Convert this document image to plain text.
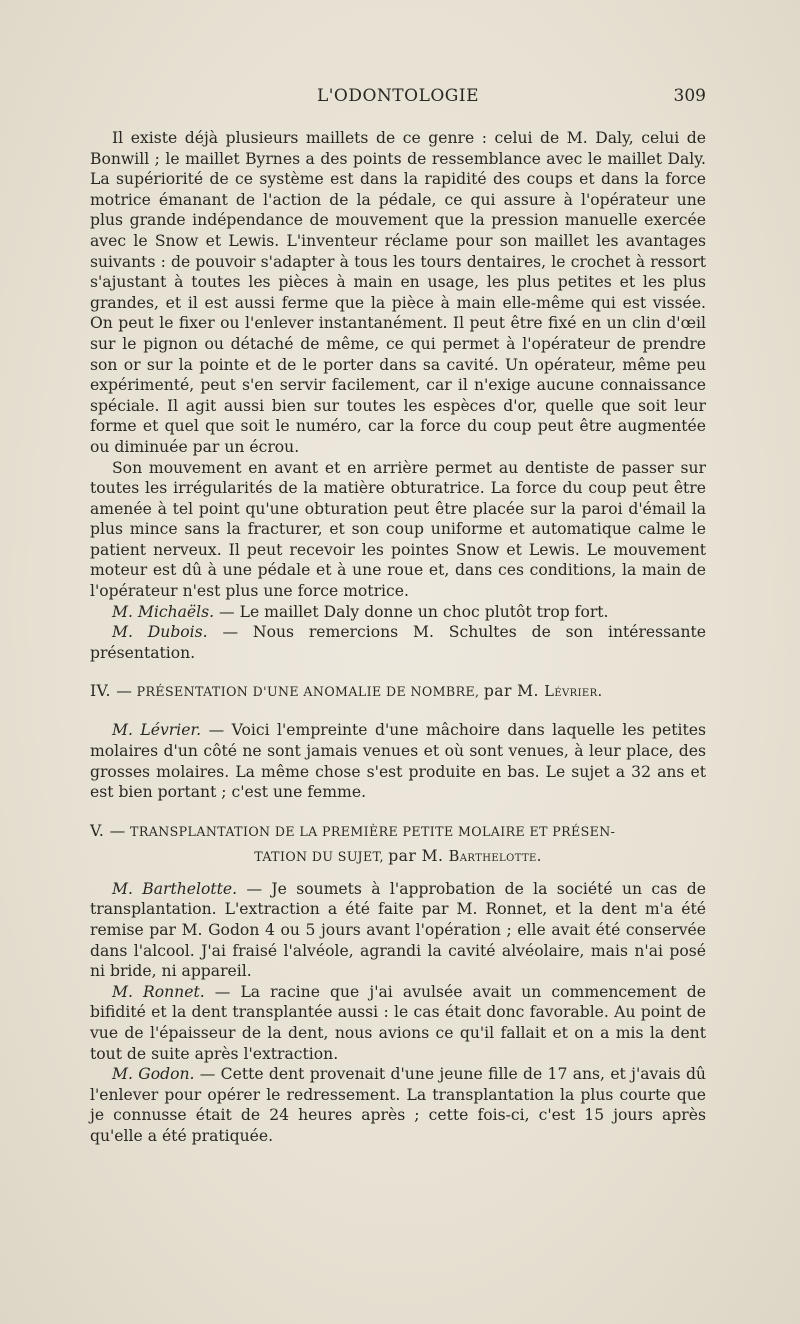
L'ODONTOLOGIE	309

Il existe déjà plusieurs maillets de ce genre : celui de M. Daly, celui de Bonwill ; le maillet Byrnes a des points de ressemblance avec le maillet Daly. La supériorité de ce système est dans la rapidité des coups et dans la force motrice émanant de l'action de la pédale, ce qui assure à l'opérateur une plus grande indépendance de mouvement que la pression manuelle exercée avec le Snow et Lewis. L'inventeur réclame pour son maillet les avantages suivants : de pouvoir s'adapter à tous les tours dentaires, le crochet à ressort s'ajustant à toutes les pièces à main en usage, les plus petites et les plus grandes, et il est aussi ferme que la pièce à main elle-même qui est vissée. On peut le fixer ou l'enlever instantanément. Il peut être fixé en un clin d'œil sur le pignon ou détaché de même, ce qui permet à l'opérateur de prendre son or sur la pointe et de le porter dans sa cavité. Un opérateur, même peu expérimenté, peut s'en servir facilement, car il n'exige aucune connaissance spéciale. Il agit aussi bien sur toutes les espèces d'or, quelle que soit leur forme et quel que soit le numéro, car la force du coup peut être augmentée ou diminuée par un écrou.

Son mouvement en avant et en arrière permet au dentiste de passer sur toutes les irrégularités de la matière obturatrice. La force du coup peut être amenée à tel point qu'une obturation peut être placée sur la paroi d'émail la plus mince sans la fracturer, et son coup uniforme et automatique calme le patient nerveux. Il peut recevoir les pointes Snow et Lewis. Le mouvement moteur est dû à une pédale et à une roue et, dans ces conditions, la main de l'opérateur n'est plus une force motrice.

M. Michaëls. — Le maillet Daly donne un choc plutôt trop fort.

M. Dubois. — Nous remercions M. Schultes de son intéressante présentation.

IV. — PRÉSENTATION D'UNE ANOMALIE DE NOMBRE, par M. Lévrier.

M. Lévrier. — Voici l'empreinte d'une mâchoire dans laquelle les petites molaires d'un côté ne sont jamais venues et où sont venues, à leur place, des grosses molaires. La même chose s'est produite en bas. Le sujet a 32 ans et est bien portant ; c'est une femme.

V. — TRANSPLANTATION DE LA PREMIÈRE PETITE MOLAIRE ET PRÉSEN-
TATION DU SUJET, par M. Barthelotte.

M. Barthelotte. — Je soumets à l'approbation de la société un cas de transplantation. L'extraction a été faite par M. Ronnet, et la dent m'a été remise par M. Godon 4 ou 5 jours avant l'opération ; elle avait été conservée dans l'alcool. J'ai fraisé l'alvéole, agrandi la cavité alvéolaire, mais n'ai posé ni bride, ni appareil.

M. Ronnet. — La racine que j'ai avulsée avait un commencement de bifidité et la dent transplantée aussi : le cas était donc favorable. Au point de vue de l'épaisseur de la dent, nous avions ce qu'il fallait et on a mis la dent tout de suite après l'extraction.

M. Godon. — Cette dent provenait d'une jeune fille de 17 ans, et j'avais dû l'enlever pour opérer le redressement. La transplantation la plus courte que je connusse était de 24 heures après ; cette fois-ci, c'est 15 jours après qu'elle a été pratiquée.
